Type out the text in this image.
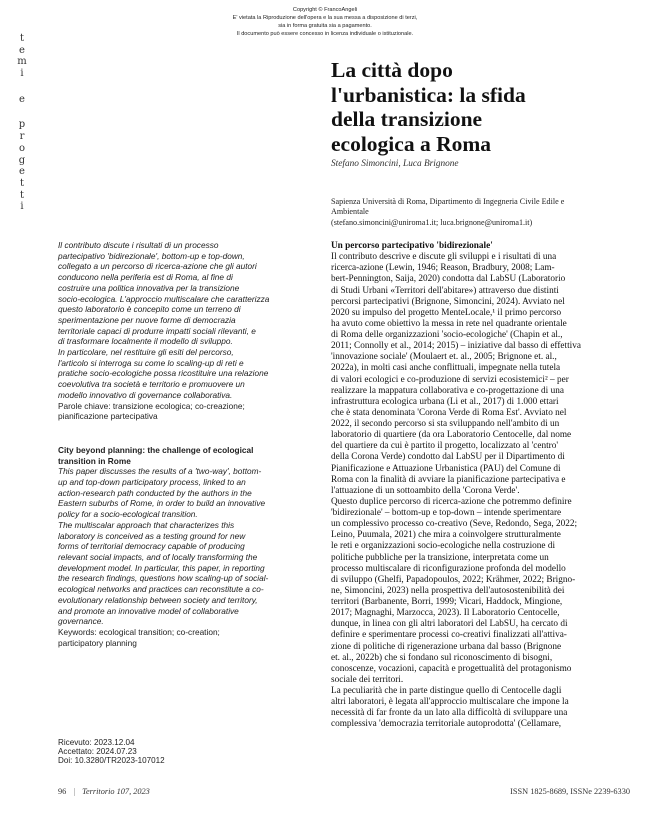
Copyright © FrancoAngeli
E' vietata la Riproduzione dell'opera e la sua messa a disposizione di terzi,
sia in forma gratuita sia a pagamento.
Il documento può essere concesso in licenza individuale o istituzionale.
t
e
m
i
e
p
r
o
g
e
t
t
i
La città dopo
l'urbanistica: la sfida
della transizione
ecologica a Roma
Stefano Simoncini, Luca Brignone
Sapienza Università di Roma, Dipartimento di Ingegneria Civile Edile e
Ambientale
(stefano.simoncini@uniroma1.it; luca.brignone@uniroma1.it)
Il contributo discute i risultati di un processo
partecipativo 'bidirezionale', bottom-up e top-down,
collegato a un percorso di ricerca-azione che gli autori
conducono nella periferia est di Roma, al fine di
costruire una politica innovativa per la transizione
socio-ecologica. L'approccio multiscalare che caratterizza
questo laboratorio è concepito come un terreno di
sperimentazione per nuove forme di democrazia
territoriale capaci di produrre impatti sociali rilevanti, e
di trasformare localmente il modello di sviluppo.
In particolare, nel restituire gli esiti del percorso,
l'articolo si interroga su come lo scaling-up di reti e
pratiche socio-ecologiche possa ricostituire una relazione
coevolutiva tra società e territorio e promuovere un
modello innovativo di governance collaborativa.
Parole chiave: transizione ecologica; co-creazione;
pianificazione partecipativa
City beyond planning: the challenge of ecological
transition in Rome
This paper discusses the results of a 'two-way', bottom-
up and top-down participatory process, linked to an
action-research path conducted by the authors in the
Eastern suburbs of Rome, in order to build an innovative
policy for a socio-ecological transition.
The multiscalar approach that characterizes this
laboratory is conceived as a testing ground for new
forms of territorial democracy capable of producing
relevant social impacts, and of locally transforming the
development model. In particular, this paper, in reporting
the research findings, questions how scaling-up of social-
ecological networks and practices can reconstitute a co-
evolutionary relationship between society and territory,
and promote an innovative model of collaborative
governance.
Keywords: ecological transition; co-creation;
participatory planning
Ricevuto: 2023.12.04
Accettato: 2024.07.23
Doi: 10.3280/TR2023-107012
Un percorso partecipativo 'bidirezionale'
Il contributo descrive e discute gli sviluppi e i risultati di una
ricerca-azione (Lewin, 1946; Reason, Bradbury, 2008; Lam-
bert-Pennington, Saija, 2020) condotta dal LabSU (Laboratorio
di Studi Urbani «Territori dell'abitare») attraverso due distinti
percorsi partecipativi (Brignone, Simoncini, 2024). Avviato nel
2020 su impulso del progetto MenteLocale,¹ il primo percorso
ha avuto come obiettivo la messa in rete nel quadrante orientale
di Roma delle organizzazioni 'socio-ecologiche' (Chapin et al.,
2011; Connolly et al., 2014; 2015) – iniziative dal basso di effettiva
'innovazione sociale' (Moulaert et. al., 2005; Brignone et. al.,
2022a), in molti casi anche conflittuali, impegnate nella tutela
di valori ecologici e co-produzione di servizi ecosistemici² – per
realizzare la mappatura collaborativa e co-progettazione di una
infrastruttura ecologica urbana (Li et al., 2017) di 1.000 ettari
che è stata denominata 'Corona Verde di Roma Est'. Avviato nel
2022, il secondo percorso si sta sviluppando nell'ambito di un
laboratorio di quartiere (da ora Laboratorio Centocelle, dal nome
del quartiere da cui è partito il progetto, localizzato al 'centro'
della Corona Verde) condotto dal LabSU per il Dipartimento di
Pianificazione e Attuazione Urbanistica (PAU) del Comune di
Roma con la finalità di avviare la pianificazione partecipativa e
l'attuazione di un sottoambito della 'Corona Verde'.
Questo duplice percorso di ricerca-azione che potremmo definire
'bidirezionale' – bottom-up e top-down – intende sperimentare
un complessivo processo co-creativo (Seve, Redondo, Sega, 2022;
Leino, Puumala, 2021) che mira a coinvolgere strutturalmente
le reti e organizzazioni socio-ecologiche nella costruzione di
politiche pubbliche per la transizione, interpretata come un
processo multiscalare di riconfigurazione profonda del modello
di sviluppo (Ghelfi, Papadopoulos, 2022; Krähmer, 2022; Brigno-
ne, Simoncini, 2023) nella prospettiva dell'autosostenibilità dei
territori (Barbanente, Borri, 1999; Vicari, Haddock, Mingione,
2017; Magnaghi, Marzocca, 2023). Il Laboratorio Centocelle,
dunque, in linea con gli altri laboratori del LabSU, ha cercato di
definire e sperimentare processi co-creativi finalizzati all'attiva-
zione di politiche di rigenerazione urbana dal basso (Brignone
et. al., 2022b) che si fondano sul riconoscimento di bisogni,
conoscenze, vocazioni, capacità e progettualità del protagonismo
sociale dei territori.
La peculiarità che in parte distingue quello di Centocelle dagli
altri laboratori, è legata all'approccio multiscalare che impone la
necessità di far fronte da un lato alla difficoltà di sviluppare una
complessiva 'democrazia territoriale autoprodotta' (Cellamare,
96 | Territorio 107, 2023	ISSN 1825-8689, ISSNe 2239-6330
